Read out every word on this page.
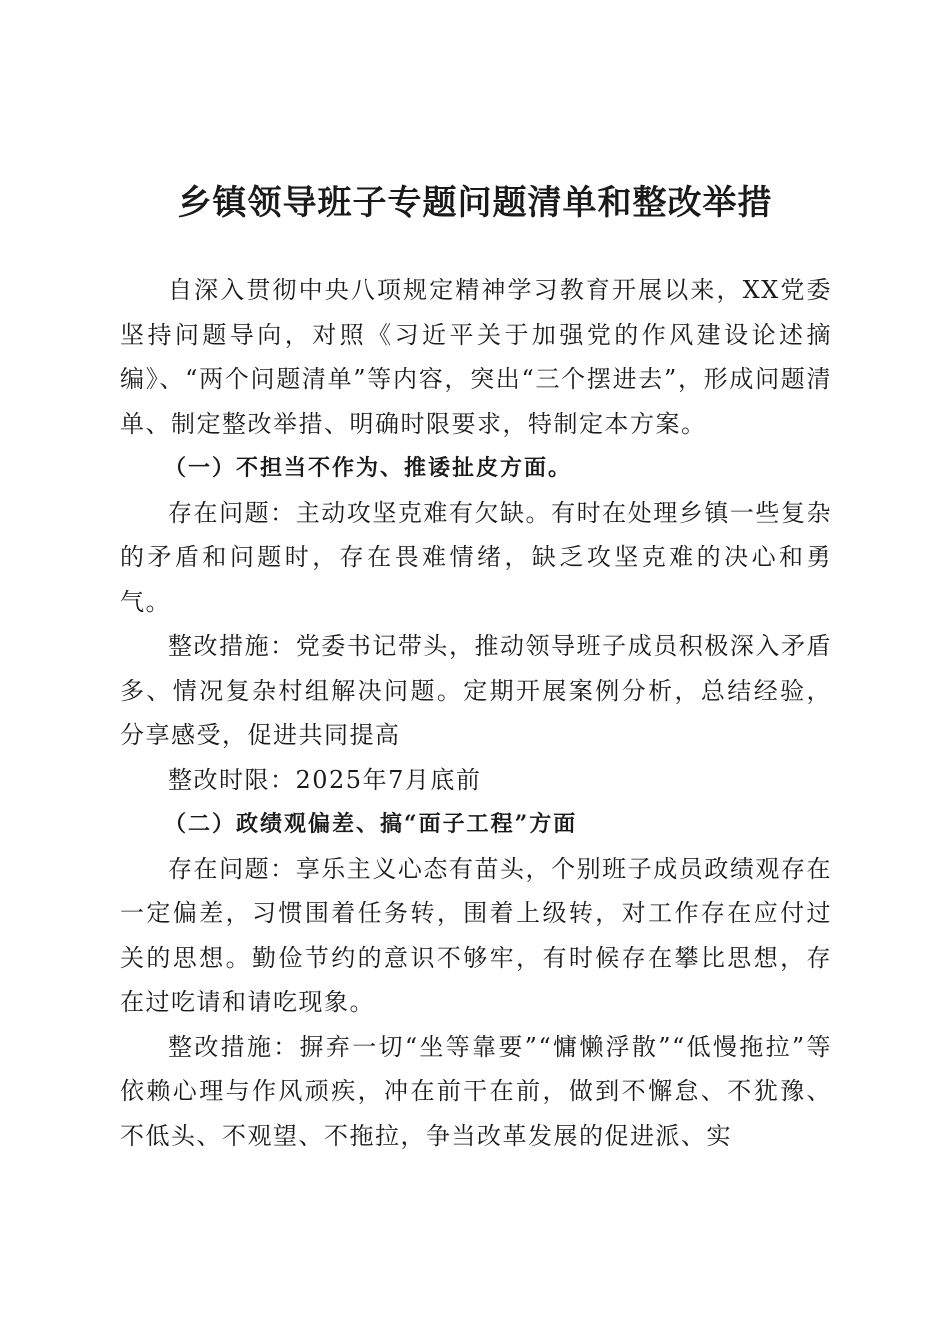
乡镇领导班子专题问题清单和整改举措

自深入贯彻中央八项规定精神学习教育开展以来，XX党委坚持问题导向，对照《习近平关于加强党的作风建设论述摘编》、“两个问题清单”等内容，突出“三个摆进去”，形成问题清单、制定整改举措、明确时限要求，特制定本方案。

（一）不担当不作为、推诿扯皮方面。

存在问题：主动攻坚克难有欠缺。有时在处理乡镇一些复杂的矛盾和问题时，存在畏难情绪，缺乏攻坚克难的决心和勇气。

整改措施：党委书记带头，推动领导班子成员积极深入矛盾多、情况复杂村组解决问题。定期开展案例分析，总结经验，分享感受，促进共同提高

整改时限：2025年7月底前

（二）政绩观偏差、搞“面子工程”方面

存在问题：享乐主义心态有苗头，个别班子成员政绩观存在一定偏差，习惯围着任务转，围着上级转，对工作存在应付过关的思想。勤俭节约的意识不够牢，有时候存在攀比思想，存在过吃请和请吃现象。

整改措施：摒弃一切“坐等靠要”“慵懒浮散”“低慢拖拉”等依赖心理与作风顽疾，冲在前干在前，做到不懈怠、不犹豫、不低头、不观望、不拖拉，争当改革发展的促进派、实
